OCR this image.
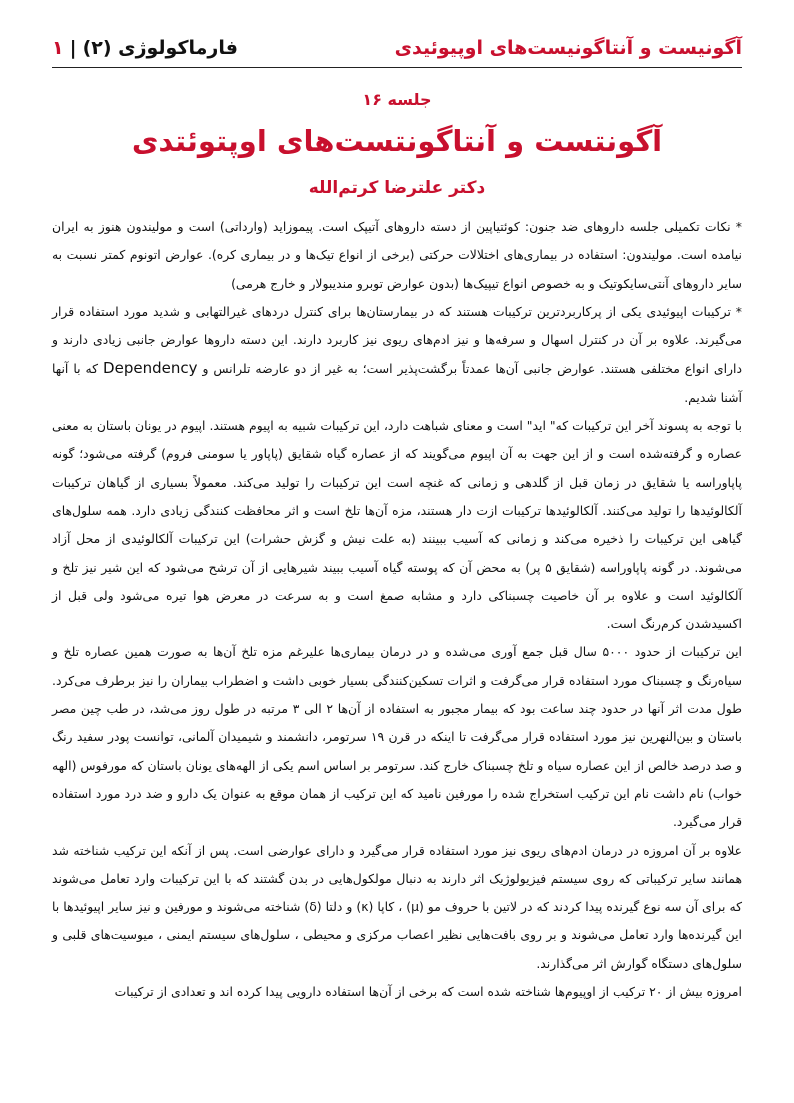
آگونیست و آنتاگونیست‌های اوپیوئیدی
فارماکولوژی (۲)|۱
جلسه ۱۶
آگونتست و آنتاگونتست‌های اوپتوئتدی
دکتر علترضا کرتم‌الله

* نکات تکمیلی جلسه داروهای ضد جنون: کوئتیاپین از دسته داروهای آتیپک است. پیموزاید (وارداتی) است و مولیندون هنوز به ایران نیامده است. مولیندون: استفاده در بیماری‌های اختلالات حرکتی (برخی از انواع تیک‌ها و در بیماری کره). عوارض اتونوم کمتر نسبت به سایر داروهای آنتی‌سایکوتیک و به خصوص انواع تیپیک‌ها (بدون عوارض توبرو مندیبولار و خارج هرمی)

* ترکیبات اپیوئیدی یکی از پرکاربردترین ترکیبات هستند که در بیمارستان‌ها برای کنترل دردهای غیرالتهابی و شدید مورد استفاده قرار می‌گیرند. علاوه بر آن در کنترل اسهال و سرفه‌ها و نیز ادم‌های ریوی نیز کاربرد دارند. این دسته داروها عوارض جانبی زیادی دارند و دارای انواع مختلفی هستند. عوارض جانبی آن‌ها عمدتاً برگشت‌پذیر است؛ به غیر از دو عارضه تلرانس و Dependency که با آنها آشنا شدیم.

با توجه به پسوند آخر این ترکیبات که" اید" است و معنای شباهت دارد، این ترکیبات شبیه به اپیوم هستند. اپیوم در یونان باستان به معنی عصاره و گرفته‌شده است و از این جهت به آن اپیوم می‌گویند که از عصاره گیاه شقایق (پاپاور یا سومنی فروم) گرفته می‌شود؛ گونه پاپاوراسه یا شقایق در زمان قبل از گلدهی و زمانی که غنچه است این ترکیبات را تولید می‌کند. معمولاً بسیاری از گیاهان ترکیبات آلکالوئیدها را تولید می‌کنند. آلکالوئیدها ترکیبات ازت دار هستند، مزه آن‌ها تلخ است و اثر محافظت کنندگی زیادی دارد. همه سلول‌های گیاهی این ترکیبات را ذخیره می‌کند و زمانی که آسیب ببینند (به علت نیش و گزش حشرات) این ترکیبات آلکالوئیدی از محل آزاد می‌شوند. در گونه پاپاوراسه (شقایق ۵ پر) به محض آن که پوسته گیاه آسیب ببیند شیرهایی از آن ترشح می‌شود که این شیر نیز تلخ و آلکالوئید است و علاوه بر آن خاصیت چسبناکی دارد و مشابه صمغ است و به سرعت در معرض هوا تیره می‌شود ولی قبل از اکسیدشدن کرم‌رنگ است.

این ترکیبات از حدود ۵۰۰۰ سال قبل جمع آوری می‌شده و در درمان بیماری‌ها علیرغم مزه تلخ آن‌ها به صورت همین عصاره تلخ و سیاه‌رنگ و چسبناک مورد استفاده قرار می‌گرفت و اثرات تسکین‌کنندگی بسیار خوبی داشت و اضطراب بیماران را نیز برطرف می‌کرد. طول مدت اثر آنها در حدود چند ساعت بود که بیمار مجبور به استفاده از آن‌ها ۲ الی ۳ مرتبه در طول روز می‌شد، در طب چین مصر باستان و بین‌النهرین نیز مورد استفاده قرار می‌گرفت تا اینکه در قرن ۱۹ سرتومر، دانشمند و شیمیدان آلمانی، توانست پودر سفید رنگ و صد درصد خالص از این عصاره سیاه و تلخ چسبناک خارج کند. سرتومر بر اساس اسم یکی از الهه‌های یونان باستان که مورفوس (الهه خواب) نام داشت نام این ترکیب استخراج شده را مورفین نامید که این ترکیب از همان موقع به عنوان یک دارو و ضد درد مورد استفاده قرار می‌گیرد.

علاوه بر آن امروزه در درمان ادم‌های ریوی نیز مورد استفاده قرار می‌گیرد و دارای عوارضی است. پس از آنکه این ترکیب شناخته شد همانند سایر ترکیباتی که روی سیستم فیزیولوژیک اثر دارند به دنبال مولکول‌هایی در بدن گشتند که با این ترکیبات وارد تعامل می‌شوند که برای آن سه نوع گیرنده پیدا کردند که در لاتین با حروف مو (μ) ، کاپا (κ) و دلتا (δ) شناخته می‌شوند و مورفین و نیز سایر اپیوئیدها با این گیرنده‌ها وارد تعامل می‌شوند و بر روی بافت‌هایی نظیر اعصاب مرکزی و محیطی ، سلول‌های سیستم ایمنی ، میوسیت‌های قلبی و سلول‌های دستگاه گوارش اثر می‌گذارند.

امروزه بیش از ۲۰ ترکیب از اوپیوم‌ها شناخته شده است که برخی از آن‌ها استفاده دارویی پیدا کرده اند و تعدادی از ترکیبات
